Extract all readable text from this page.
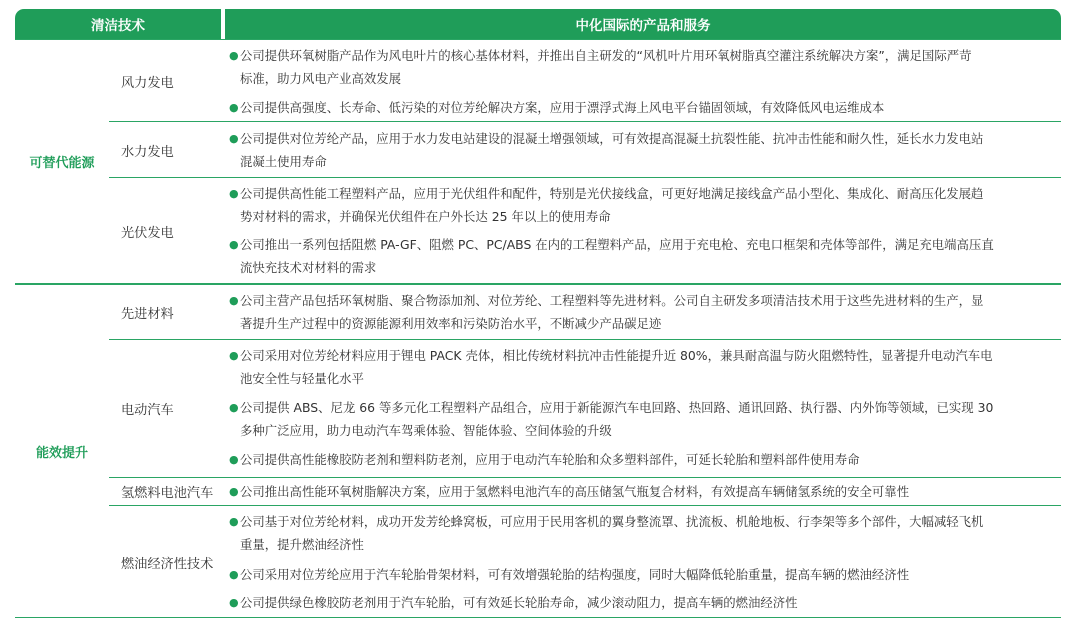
清洁技术	中化国际的产品和服务
可替代能源
能效提升
风力发电
水力发电
光伏发电
先进材料
电动汽车
氢燃料电池汽车
燃油经济性技术
● 公司提供环氧树脂产品作为风电叶片的核心基体材料，并推出自主研发的“风机叶片用环氧树脂真空灌注系统解决方案”，满足国际严苛
标准，助力风电产业高效发展
● 公司提供高强度、长寿命、低污染的对位芳纶解决方案，应用于漂浮式海上风电平台锚固领域，有效降低风电运维成本
● 公司提供对位芳纶产品，应用于水力发电站建设的混凝土增强领域，可有效提高混凝土抗裂性能、抗冲击性能和耐久性，延长水力发电站
混凝土使用寿命
● 公司提供高性能工程塑料产品，应用于光伏组件和配件，特别是光伏接线盒，可更好地满足接线盒产品小型化、集成化、耐高压化发展趋
势对材料的需求，并确保光伏组件在户外长达 25 年以上的使用寿命
● 公司推出一系列包括阻燃 PA-GF、阻燃 PC、PC/ABS 在内的工程塑料产品，应用于充电枪、充电口框架和壳体等部件，满足充电端高压直
流快充技术对材料的需求
● 公司主营产品包括环氧树脂、聚合物添加剂、对位芳纶、工程塑料等先进材料。公司自主研发多项清洁技术用于这些先进材料的生产，显
著提升生产过程中的资源能源利用效率和污染防治水平，不断减少产品碳足迹
● 公司采用对位芳纶材料应用于锂电 PACK 壳体，相比传统材料抗冲击性能提升近 80%，兼具耐高温与防火阻燃特性，显著提升电动汽车电
池安全性与轻量化水平
● 公司提供 ABS、尼龙 66 等多元化工程塑料产品组合，应用于新能源汽车电回路、热回路、通讯回路、执行器、内外饰等领域，已实现 30
多种广泛应用，助力电动汽车驾乘体验、智能体验、空间体验的升级
● 公司提供高性能橡胶防老剂和塑料防老剂，应用于电动汽车轮胎和众多塑料部件，可延长轮胎和塑料部件使用寿命
● 公司推出高性能环氧树脂解决方案，应用于氢燃料电池汽车的高压储氢气瓶复合材料，有效提高车辆储氢系统的安全可靠性
● 公司基于对位芳纶材料，成功开发芳纶蜂窝板，可应用于民用客机的翼身整流罩、扰流板、机舱地板、行李架等多个部件，大幅减轻飞机
重量，提升燃油经济性
● 公司采用对位芳纶应用于汽车轮胎骨架材料，可有效增强轮胎的结构强度，同时大幅降低轮胎重量，提高车辆的燃油经济性
● 公司提供绿色橡胶防老剂用于汽车轮胎，可有效延长轮胎寿命，减少滚动阻力，提高车辆的燃油经济性
